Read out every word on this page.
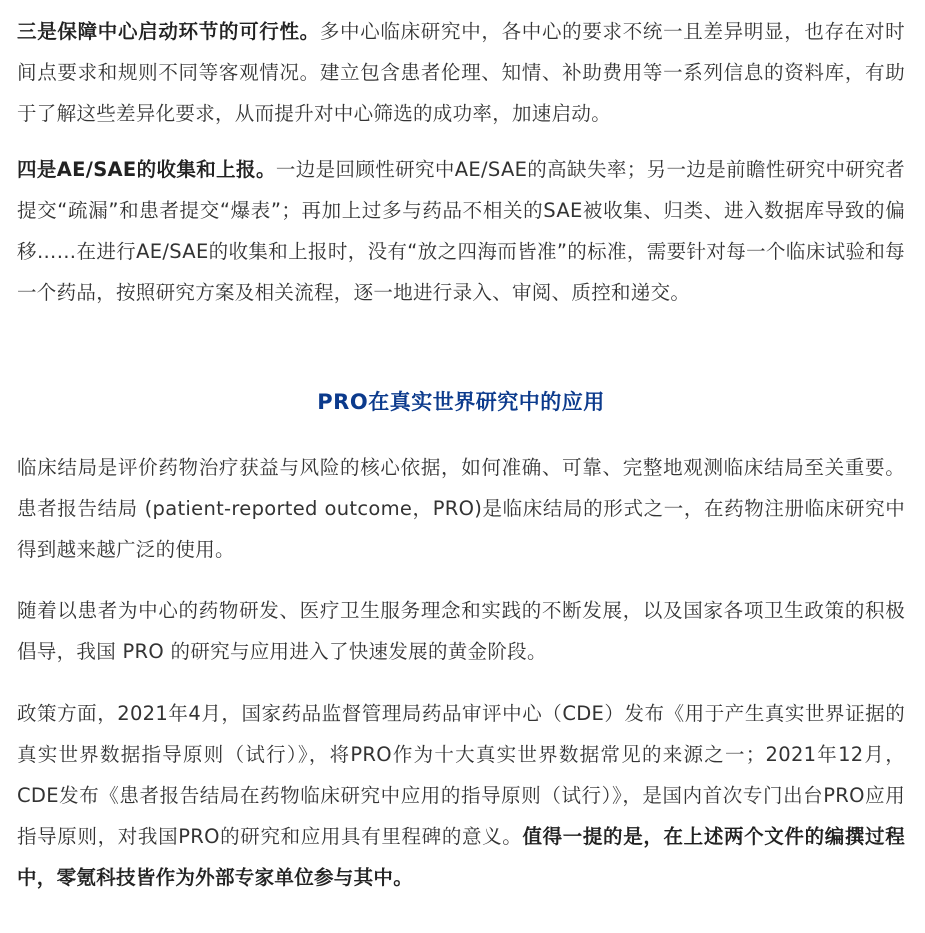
三是保障中心启动环节的可行性。多中心临床研究中，各中心的要求不统一且差异明显，也存在对时间点要求和规则不同等客观情况。建立包含患者伦理、知情、补助费用等一系列信息的资料库，有助于了解这些差异化要求，从而提升对中心筛选的成功率，加速启动。

四是AE/SAE的收集和上报。一边是回顾性研究中AE/SAE的高缺失率；另一边是前瞻性研究中研究者提交“疏漏”和患者提交“爆表”；再加上过多与药品不相关的SAE被收集、归类、进入数据库导致的偏移……在进行AE/SAE的收集和上报时，没有“放之四海而皆准”的标准，需要针对每一个临床试验和每一个药品，按照研究方案及相关流程，逐一地进行录入、审阅、质控和递交。

PRO在真实世界研究中的应用

临床结局是评价药物治疗获益与风险的核心依据，如何准确、可靠、完整地观测临床结局至关重要。患者报告结局 (patient-reported outcome，PRO)是临床结局的形式之一，在药物注册临床研究中得到越来越广泛的使用。

随着以患者为中心的药物研发、医疗卫生服务理念和实践的不断发展，以及国家各项卫生政策的积极倡导，我国 PRO 的研究与应用进入了快速发展的黄金阶段。

政策方面，2021年4月，国家药品监督管理局药品审评中心（CDE）发布《用于产生真实世界证据的真实世界数据指导原则（试行）》，将PRO作为十大真实世界数据常见的来源之一；2021年12月，CDE发布《患者报告结局在药物临床研究中应用的指导原则（试行）》，是国内首次专门出台PRO应用指导原则，对我国PRO的研究和应用具有里程碑的意义。值得一提的是，在上述两个文件的编撰过程中，零氪科技皆作为外部专家单位参与其中。
